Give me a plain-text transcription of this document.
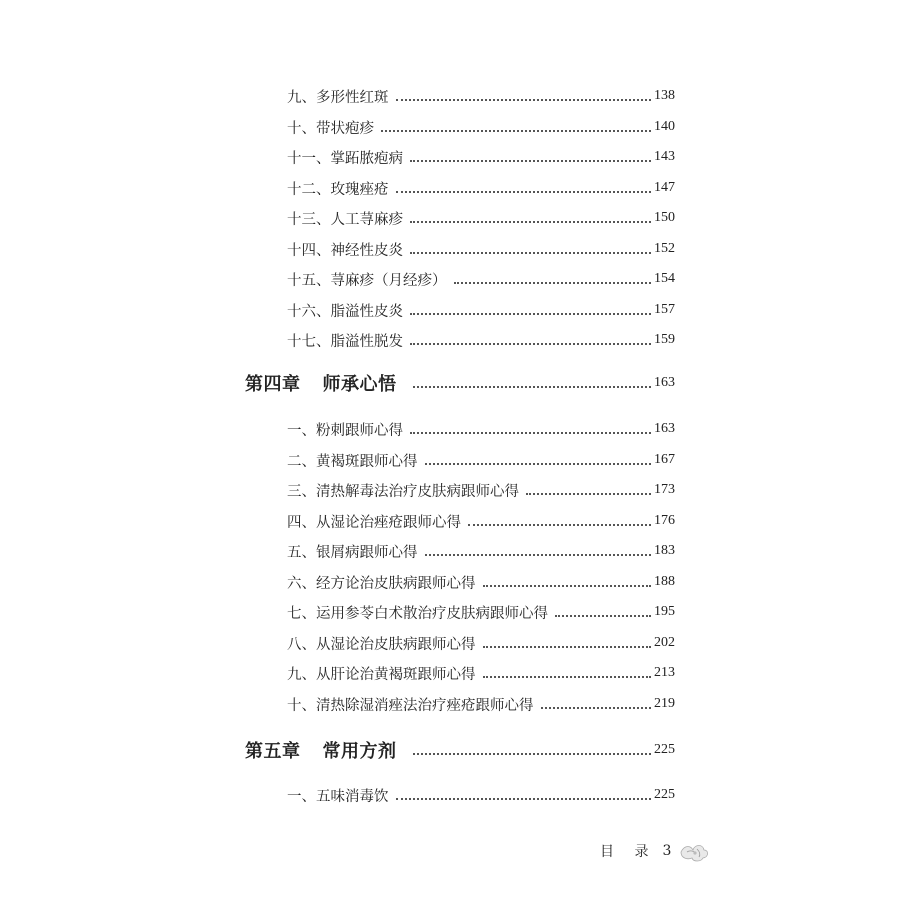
九、多形性红斑	138
十、带状疱疹	140
十一、掌跖脓疱病	143
十二、玫瑰痤疮	147
十三、人工荨麻疹	150
十四、神经性皮炎	152
十五、荨麻疹（月经疹）	154
十六、脂溢性皮炎	157
十七、脂溢性脱发	159
第四章 师承心悟	163
一、粉刺跟师心得	163
二、黄褐斑跟师心得	167
三、清热解毒法治疗皮肤病跟师心得	173
四、从湿论治痤疮跟师心得	176
五、银屑病跟师心得	183
六、经方论治皮肤病跟师心得	188
七、运用参苓白术散治疗皮肤病跟师心得	195
八、从湿论治皮肤病跟师心得	202
九、从肝论治黄褐斑跟师心得	213
十、清热除湿消痤法治疗痤疮跟师心得	219
第五章 常用方剂	225
一、五味消毒饮	225
目 录 3
